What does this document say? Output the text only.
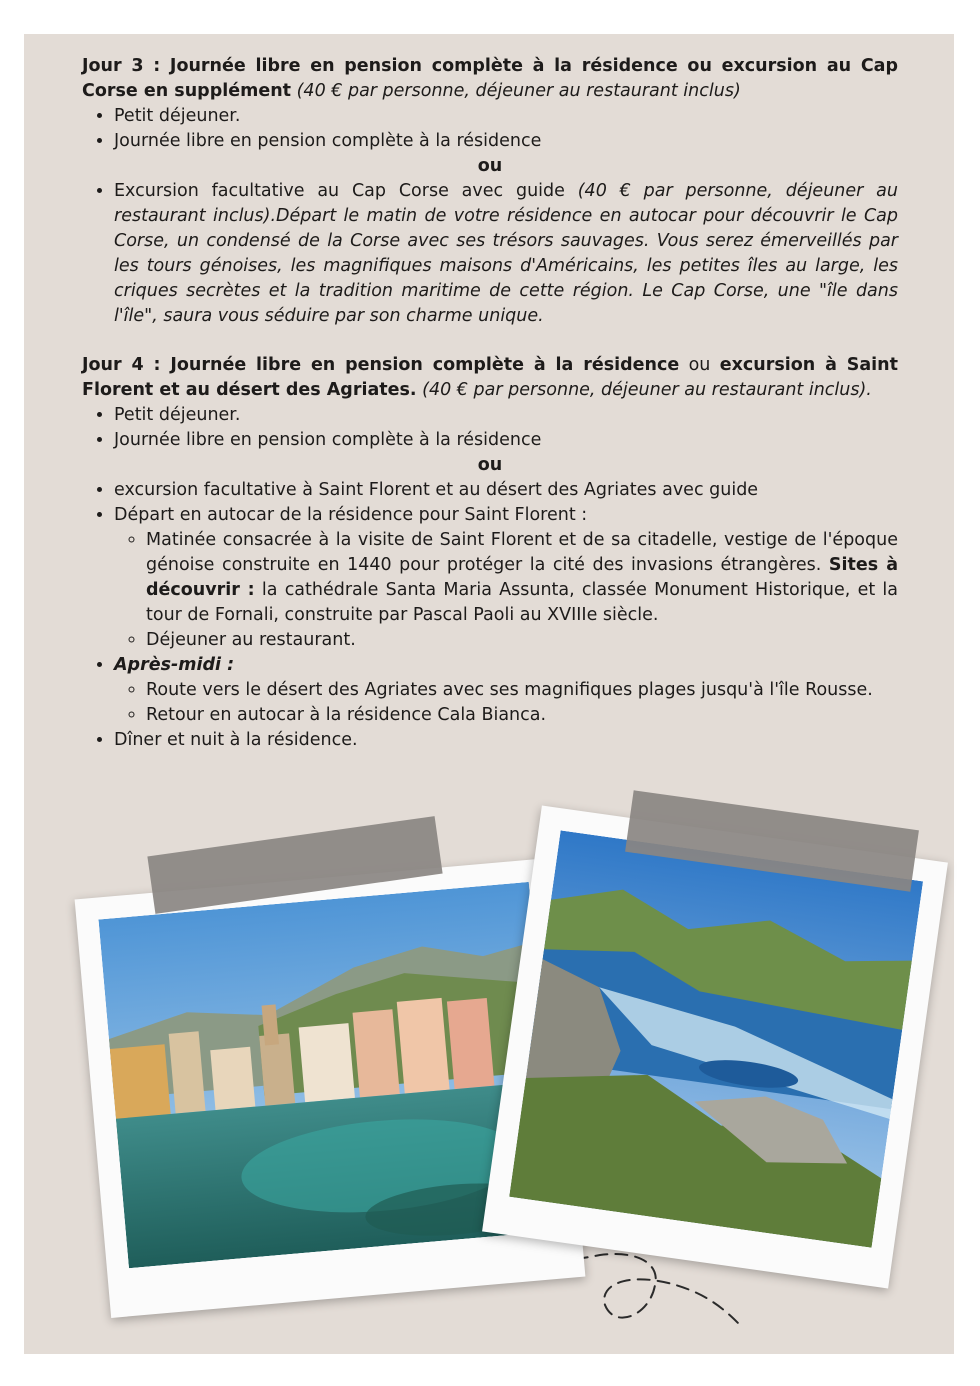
Jour 3 : Journée libre en pension complète à la résidence ou excursion au Cap Corse en supplément (40 € par personne, déjeuner au restaurant inclus)

• Petit déjeuner.
• Journée libre en pension complète à la résidence

ou

• Excursion facultative au Cap Corse avec guide (40 € par personne, déjeuner au restaurant inclus).Départ le matin de votre résidence en autocar pour découvrir le Cap Corse, un condensé de la Corse avec ses trésors sauvages. Vous serez émerveillés par les tours génoises, les magnifiques maisons d'Américains, les petites îles au large, les criques secrètes et la tradition maritime de cette région. Le Cap Corse, une "île dans l'île", saura vous séduire par son charme unique.

Jour 4 : Journée libre en pension complète à la résidence ou excursion à Saint Florent et au désert des Agriates. (40 € par personne, déjeuner au restaurant inclus).

• Petit déjeuner.
• Journée libre en pension complète à la résidence

ou

• excursion facultative à Saint Florent et au désert des Agriates avec guide
• Départ en autocar de la résidence pour Saint Florent :
◦ Matinée consacrée à la visite de Saint Florent et de sa citadelle, vestige de l'époque génoise construite en 1440 pour protéger la cité des invasions étrangères. Sites à découvrir : la cathédrale Santa Maria Assunta, classée Monument Historique, et la tour de Fornali, construite par Pascal Paoli au XVIIIe siècle.
◦ Déjeuner au restaurant.
• Après-midi :
◦ Route vers le désert des Agriates avec ses magnifiques plages jusqu'à l'île Rousse.
◦ Retour en autocar à la résidence Cala Bianca.
• Dîner et nuit à la résidence.
